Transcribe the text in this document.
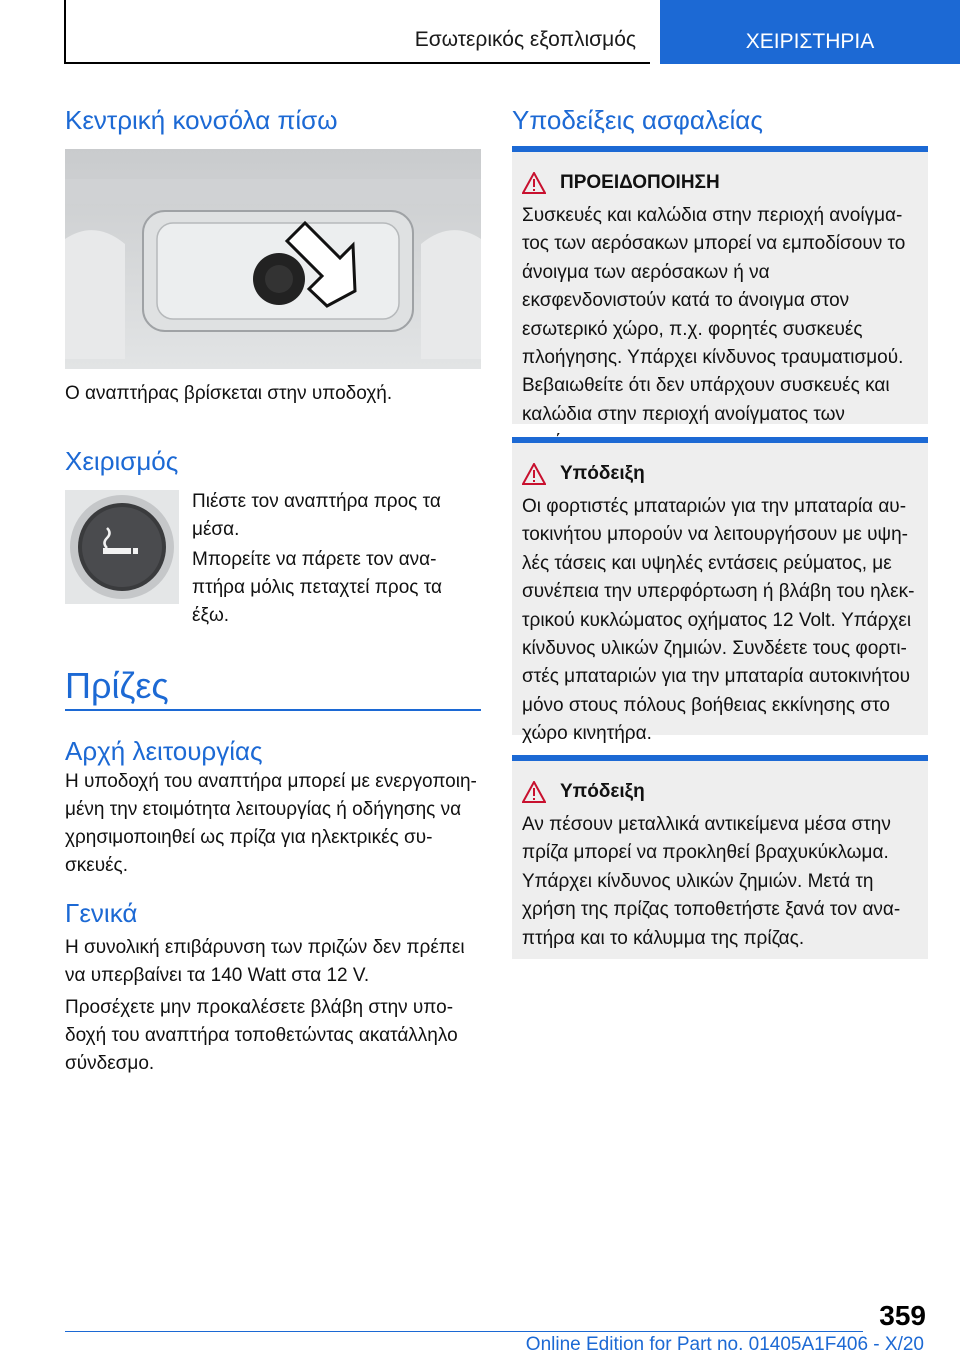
Εσωτερικός εξοπλισμός	ΧΕΙΡΙΣΤΗΡΙΑ
Κεντρική κονσόλα πίσω

Ο αναπτήρας βρίσκεται στην υποδοχή.

Χειρισμός

Πιέστε τον αναπτήρα προς τα μέσα.

Μπορείτε να πάρετε τον αναπτήρα μόλις πεταχτεί προς τα έξω.

Πρίζες
Αρχή λειτουργίας

Η υποδοχή του αναπτήρα μπορεί με ενεργοποιημένη την ετοιμότητα λειτουργίας ή οδήγησης να χρησιμοποιηθεί ως πρίζα για ηλεκτρικές συσκευές.

Γενικά

Η συνολική επιβάρυνση των πριζών δεν πρέπει να υπερβαίνει τα 140 Watt στα 12 V.

Προσέχετε μην προκαλέσετε βλάβη στην υποδοχή του αναπτήρα τοποθετώντας ακατάλληλο σύνδεσμο.

Υποδείξεις ασφαλείας
ΠΡΟΕΙΔΟΠΟΙΗΣΗ

Συσκευές και καλώδια στην περιοχή ανοίγματος των αερόσακων μπορεί να εμποδίσουν το άνοιγμα των αερόσακων ή να εκσφενδονιστούν κατά το άνοιγμα στον εσωτερικό χώρο, π.χ. φορητές συσκευές πλοήγησης. Υπάρχει κίνδυνος τραυματισμού. Βεβαιωθείτε ότι δεν υπάρχουν συσκευές και καλώδια στην περιοχή ανοίγματος των

Υπόδειξη

Οι φορτιστές μπαταριών για την μπαταρία αυτοκινήτου μπορούν να λειτουργήσουν με υψηλές τάσεις και υψηλές εντάσεις ρεύματος, με συνέπεια την υπερφόρτωση ή βλάβη του ηλεκτρικού κυκλώματος οχήματος 12 Volt. Υπάρχει κίνδυνος υλικών ζημιών. Συνδέετε τους φορτιστές μπαταριών για την μπαταρία αυτοκινήτου μόνο στους πόλους βοήθειας εκκίνησης στο χώρο κινητήρα.

Υπόδειξη

Αν πέσουν μεταλλικά αντικείμενα μέσα στην πρίζα μπορεί να προκληθεί βραχυκύκλωμα. Υπάρχει κίνδυνος υλικών ζημιών. Μετά τη χρήση της πρίζας τοποθετήστε ξανά τον αναπτήρα και το κάλυμμα της πρίζας.

359
Online Edition for Part no. 01405A1F406 - X/20
